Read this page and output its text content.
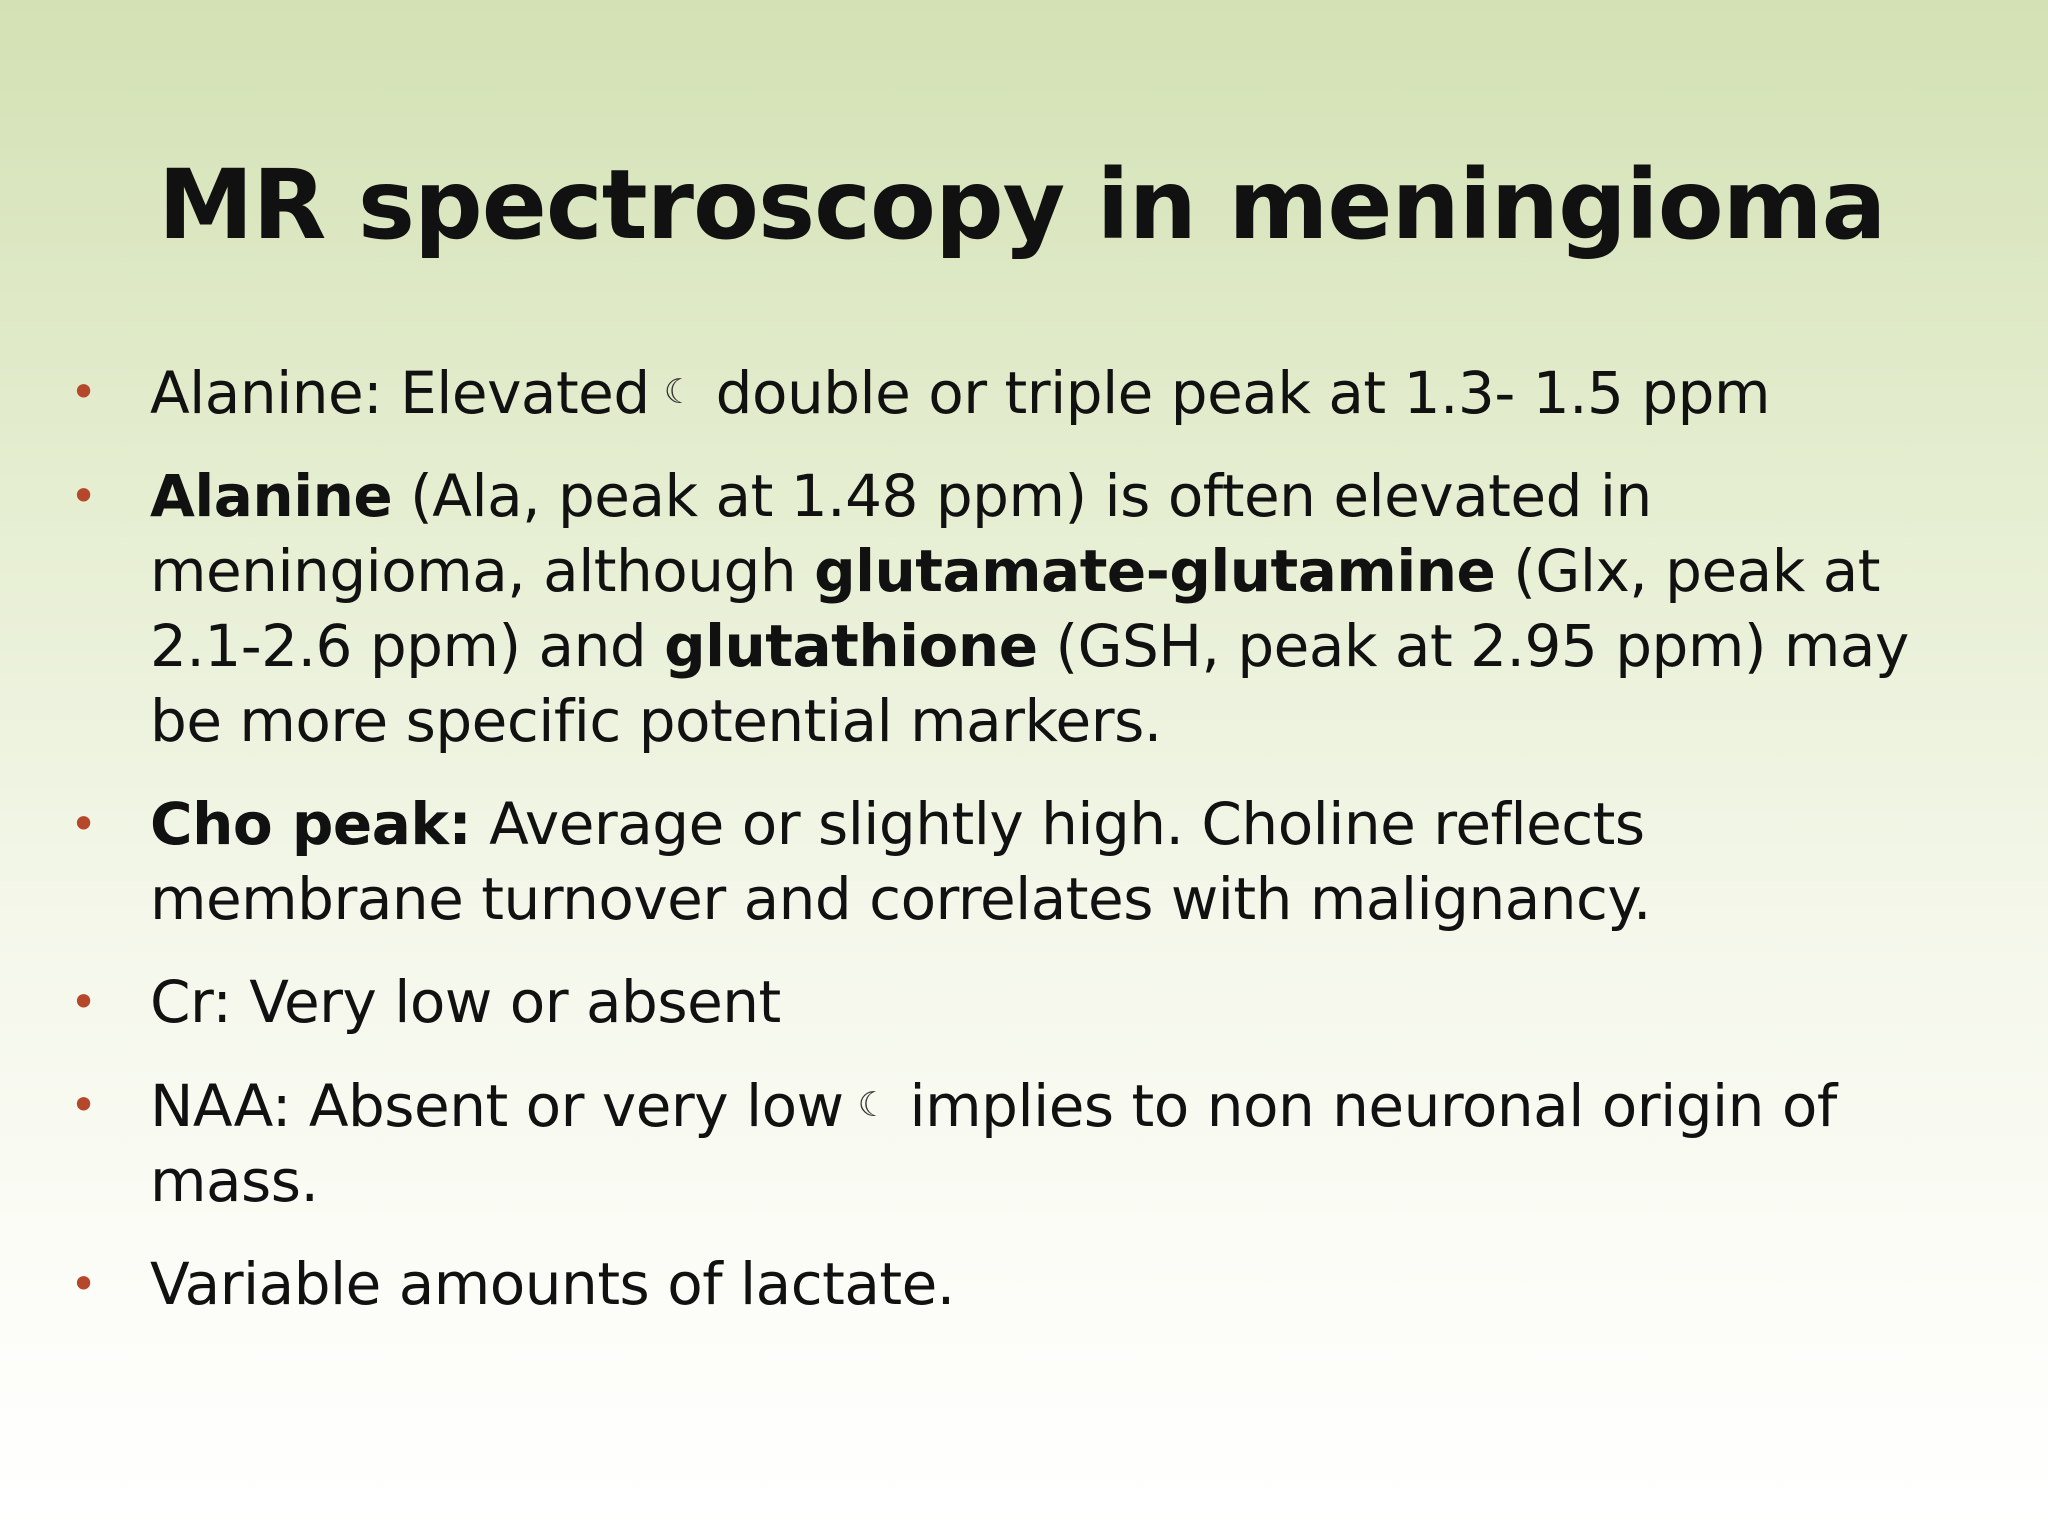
MR spectroscopy in meningioma
• Alanine: Elevated ☾ double or triple peak at 1.3- 1.5 ppm
• Alanine (Ala, peak at 1.48 ppm) is often elevated in meningioma, although glutamate-glutamine (Glx, peak at 2.1-2.6 ppm) and glutathione (GSH, peak at 2.95 ppm) may be more specific potential markers.
• Cho peak: Average or slightly high. Choline reflects membrane turnover and correlates with malignancy.
• Cr: Very low or absent
• NAA: Absent or very low ☾ implies to non neuronal origin of mass.
• Variable amounts of lactate.
